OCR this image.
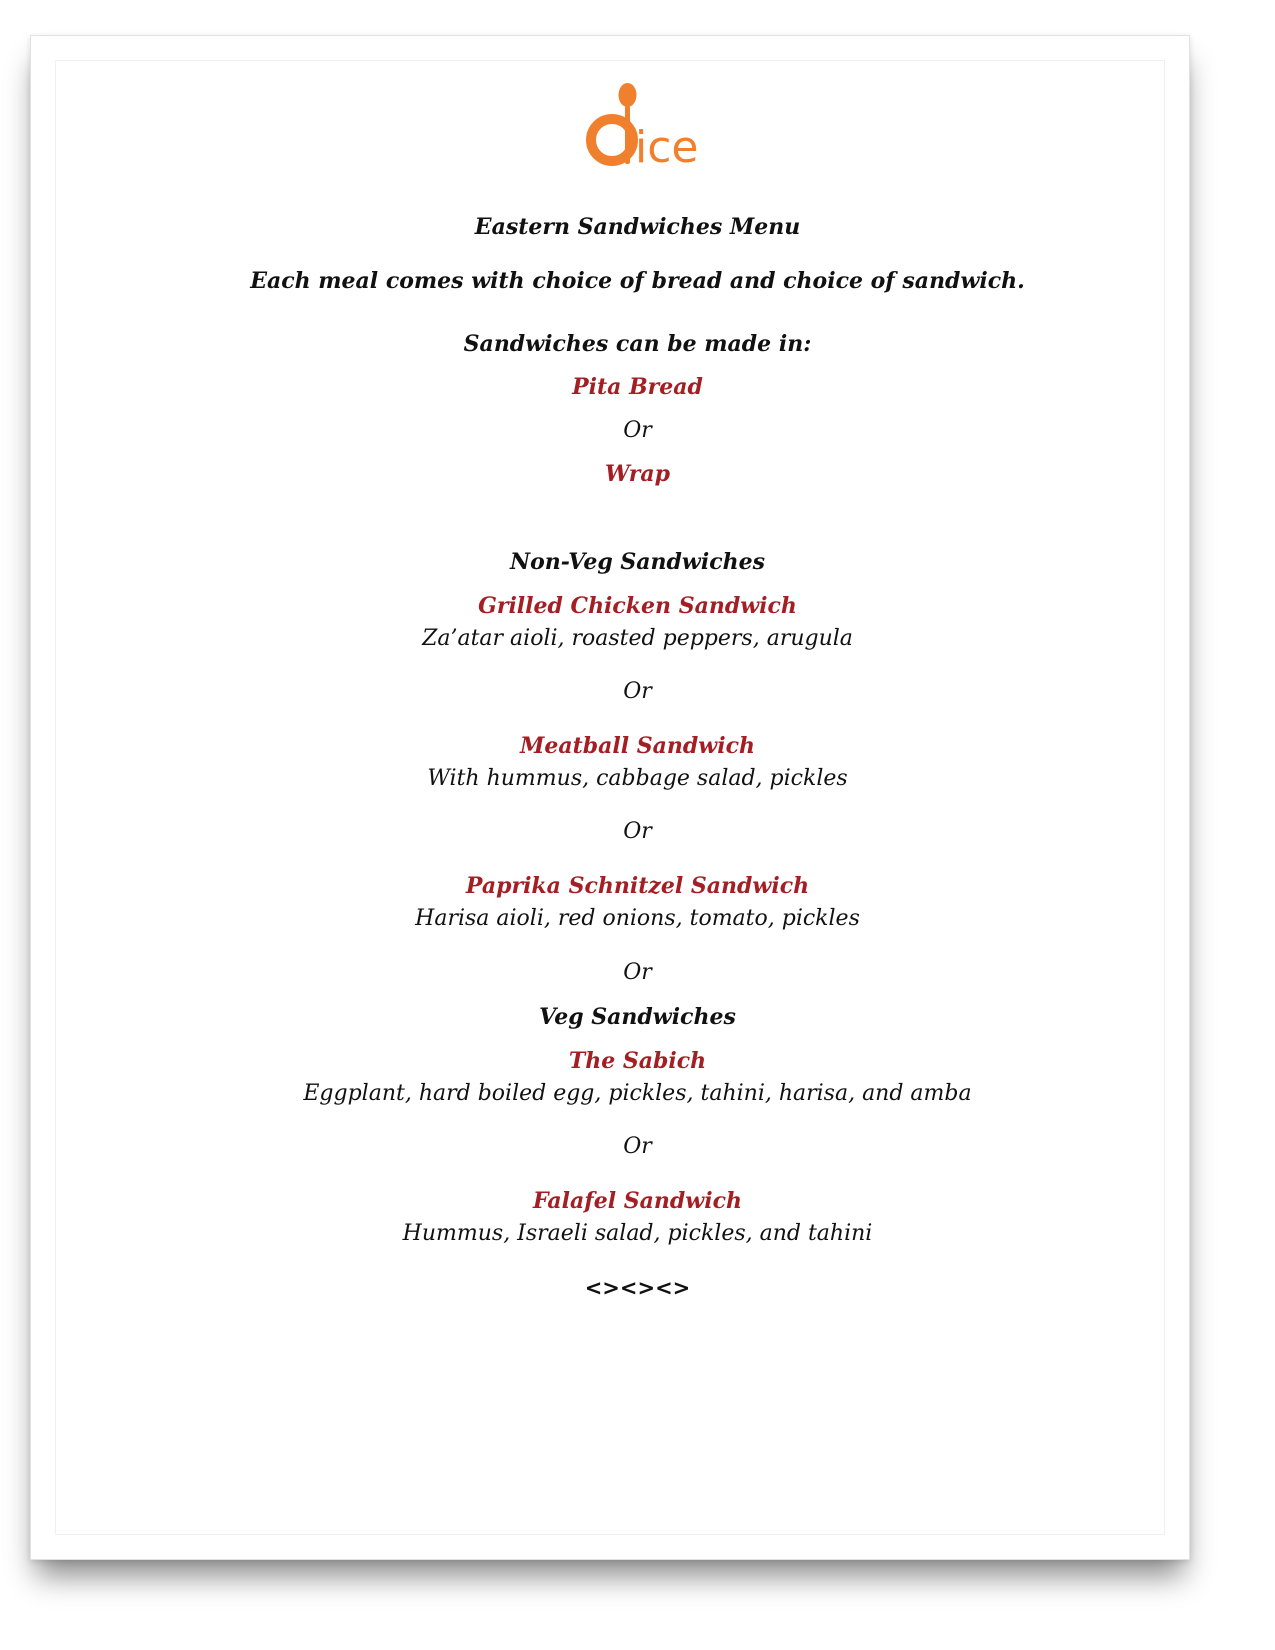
ice
Eastern Sandwiches Menu
Each meal comes with choice of bread and choice of sandwich.
Sandwiches can be made in:
Pita Bread
Or
Wrap
Non-Veg Sandwiches
Grilled Chicken Sandwich
Za’atar aioli, roasted peppers, arugula
Or
Meatball Sandwich
With hummus, cabbage salad, pickles
Or
Paprika Schnitzel Sandwich
Harisa aioli, red onions, tomato, pickles
Or
Veg Sandwiches
The Sabich
Eggplant, hard boiled egg, pickles, tahini, harisa, and amba
Or
Falafel Sandwich
Hummus, Israeli salad, pickles, and tahini
<><><>
